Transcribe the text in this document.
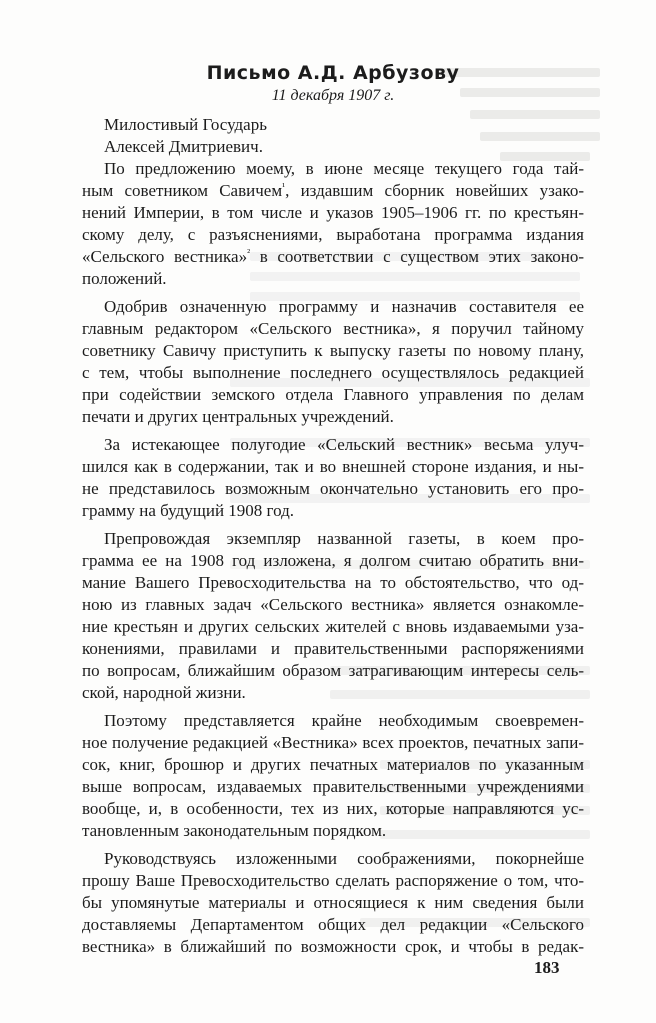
Письмо А.Д. Арбузову
11 декабря 1907 г.
Милостивый Государь
Алексей Дмитриевич.
По предложению моему, в июне месяце текущего года тай-
ным советником Савичем$^{^1}$, издавшим сборник новейших узако-
нений Империи, в том числе и указов 1905–1906 гг. по крестьян-
скому делу, с разъяснениями, выработана программа издания
«Сельского вестника»$^{^2}$ в соответствии с существом этих законо-
положений.
Одобрив означенную программу и назначив составителя ее
главным редактором «Сельского вестника», я поручил тайному
советнику Савичу приступить к выпуску газеты по новому плану,
с тем, чтобы выполнение последнего осуществлялось редакцией
при содействии земского отдела Главного управления по делам
печати и других центральных учреждений.
За истекающее полугодие «Сельский вестник» весьма улуч-
шился как в содержании, так и во внешней стороне издания, и ны-
не представилось возможным окончательно установить его про-
грамму на будущий 1908 год.
Препровождая экземпляр названной газеты, в коем про-
грамма ее на 1908 год изложена, я долгом считаю обратить вни-
мание Вашего Превосходительства на то обстоятельство, что од-
ною из главных задач «Сельского вестника» является ознакомле-
ние крестьян и других сельских жителей с вновь издаваемыми уза-
конениями, правилами и правительственными распоряжениями
по вопросам, ближайшим образом затрагивающим интересы сель-
ской, народной жизни.
Поэтому представляется крайне необходимым своевремен-
ное получение редакцией «Вестника» всех проектов, печатных запи-
сок, книг, брошюр и других печатных материалов по указанным
выше вопросам, издаваемых правительственными учреждениями
вообще, и, в особенности, тех из них, которые направляются ус-
тановленным законодательным порядком.
Руководствуясь изложенными соображениями, покорнейше
прошу Ваше Превосходительство сделать распоряжение о том, что-
бы упомянутые материалы и относящиеся к ним сведения были
доставляемы Департаментом общих дел редакции «Сельского
вестника» в ближайший по возможности срок, и чтобы в редак-
183
